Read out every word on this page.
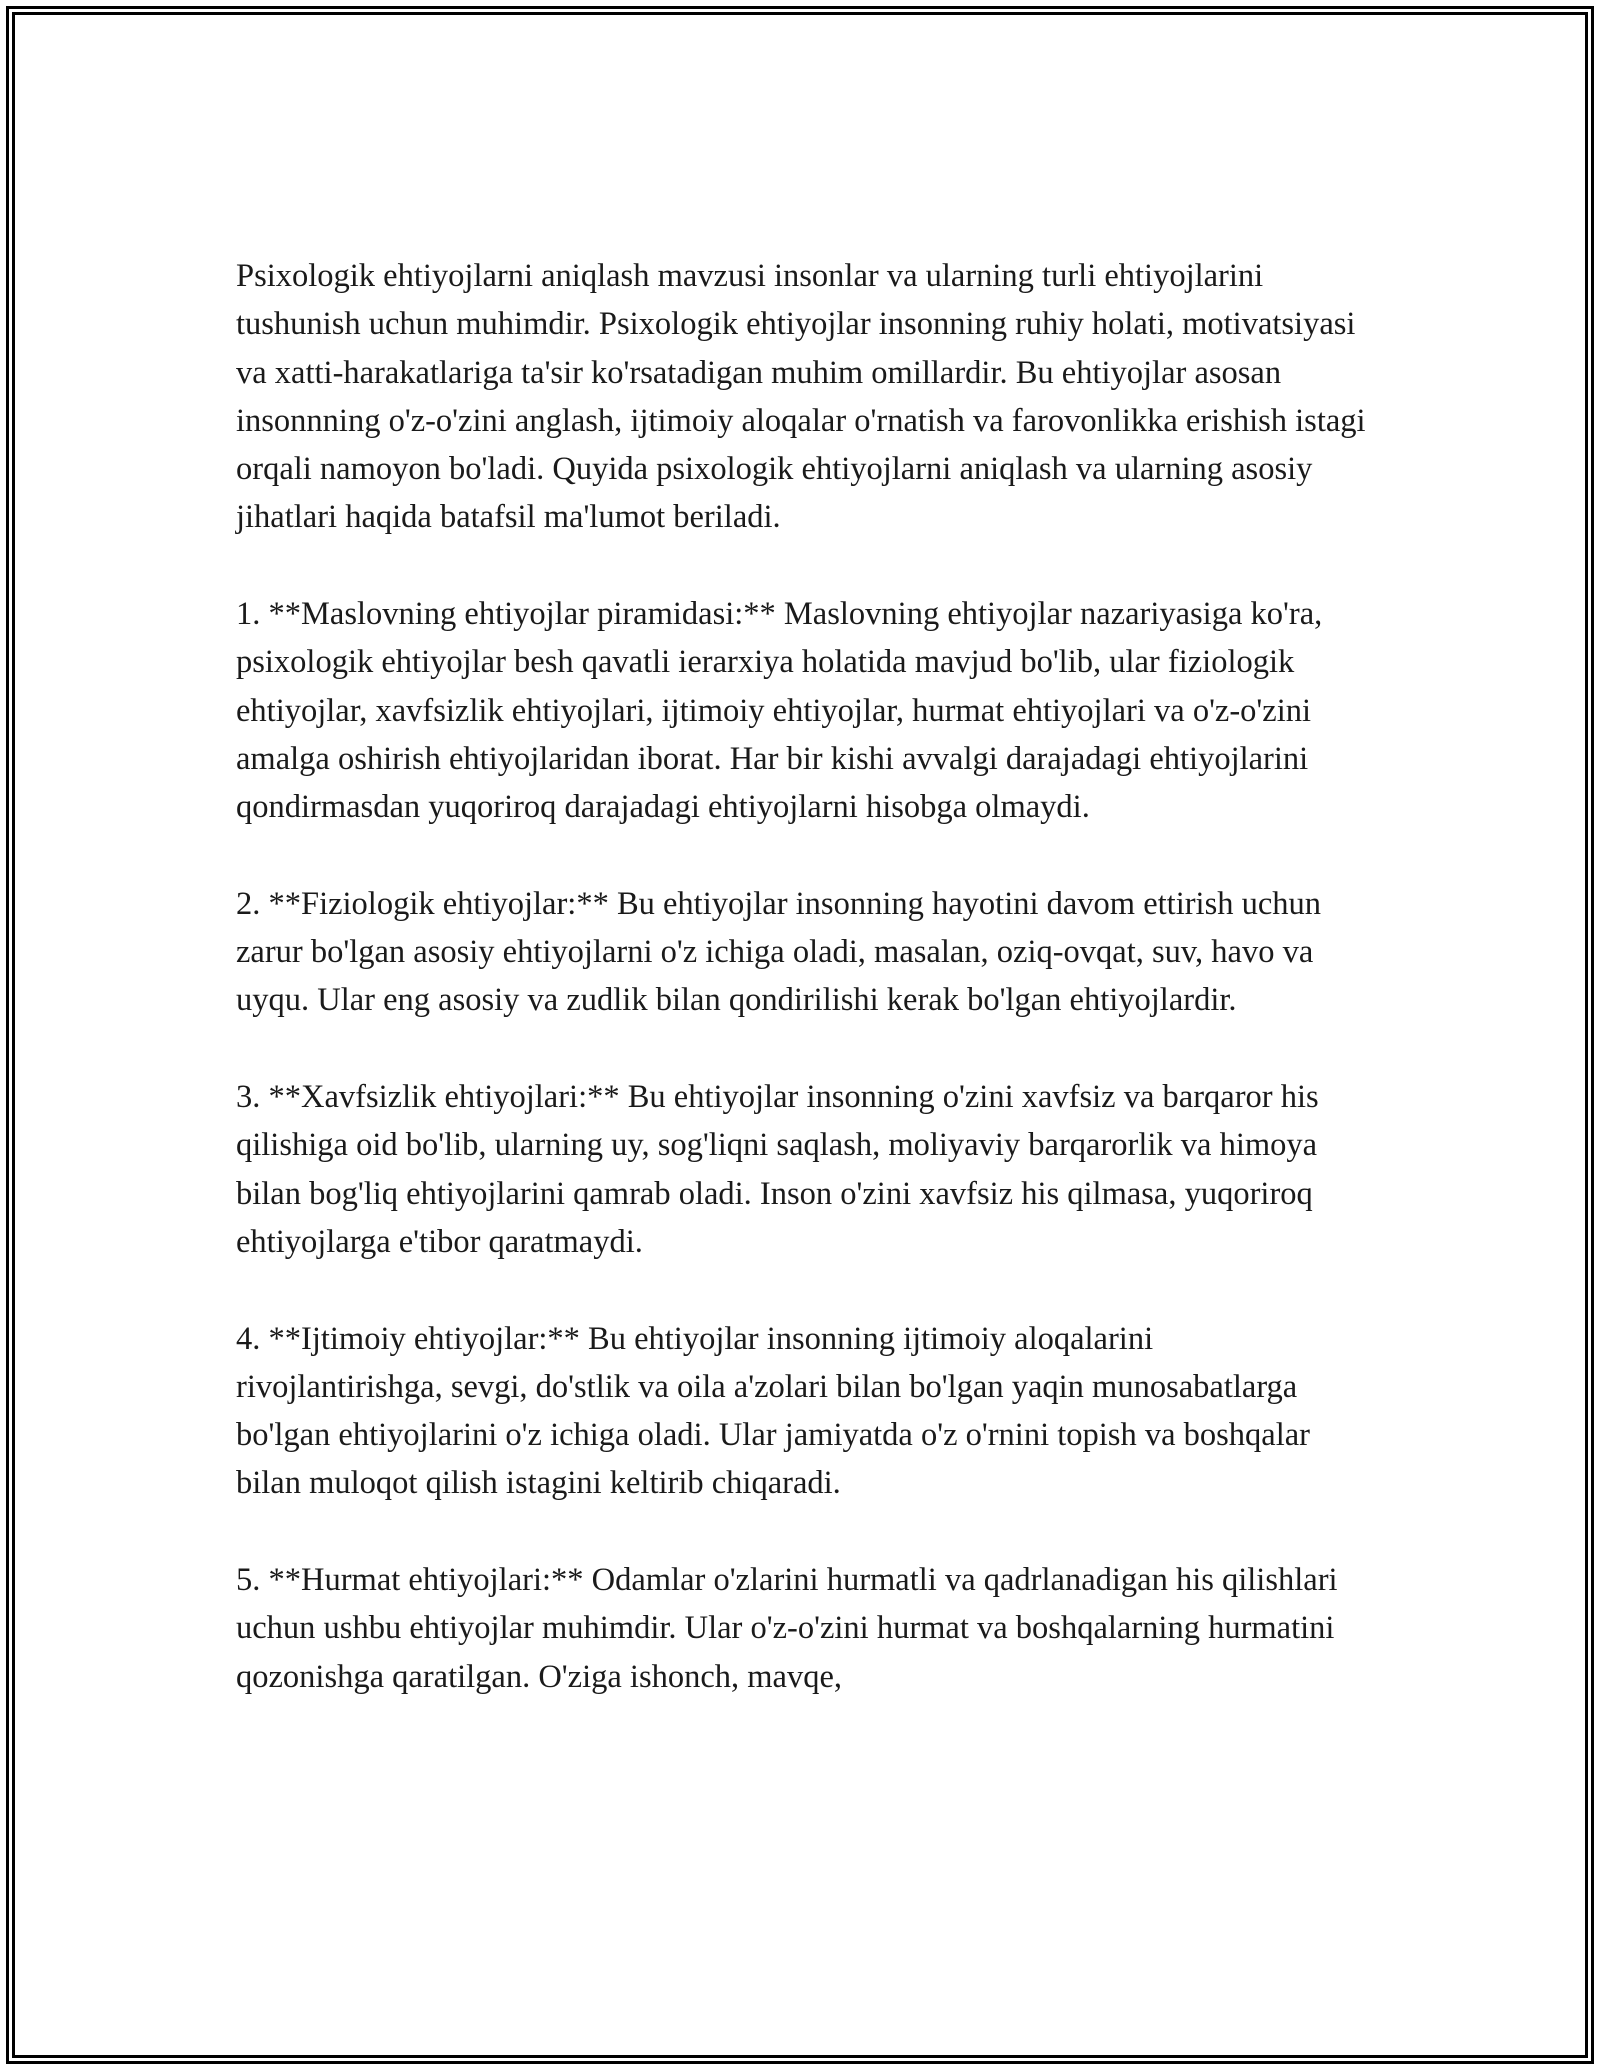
Psixologik ehtiyojlarni aniqlash mavzusi insonlar va ularning turli ehtiyojlarini tushunish uchun muhimdir. Psixologik ehtiyojlar insonning ruhiy holati, motivatsiyasi va xatti-harakatlariga ta'sir ko'rsatadigan muhim omillardir. Bu ehtiyojlar asosan insonnning o'z-o'zini anglash, ijtimoiy aloqalar o'rnatish va farovonlikka erishish istagi orqali namoyon bo'ladi. Quyida psixologik ehtiyojlarni aniqlash va ularning asosiy jihatlari haqida batafsil ma'lumot beriladi.

1. **Maslovning ehtiyojlar piramidasi:** Maslovning ehtiyojlar nazariyasiga ko'ra, psixologik ehtiyojlar besh qavatli ierarxiya holatida mavjud bo'lib, ular fiziologik ehtiyojlar, xavfsizlik ehtiyojlari, ijtimoiy ehtiyojlar, hurmat ehtiyojlari va o'z-o'zini amalga oshirish ehtiyojlaridan iborat. Har bir kishi avvalgi darajadagi ehtiyojlarini qondirmasdan yuqoriroq darajadagi ehtiyojlarni hisobga olmaydi.

2. **Fiziologik ehtiyojlar:** Bu ehtiyojlar insonning hayotini davom ettirish uchun zarur bo'lgan asosiy ehtiyojlarni o'z ichiga oladi, masalan, oziq-ovqat, suv, havo va uyqu. Ular eng asosiy va zudlik bilan qondirilishi kerak bo'lgan ehtiyojlardir.

3. **Xavfsizlik ehtiyojlari:** Bu ehtiyojlar insonning o'zini xavfsiz va barqaror his qilishiga oid bo'lib, ularning uy, sog'liqni saqlash, moliyaviy barqarorlik va himoya bilan bog'liq ehtiyojlarini qamrab oladi. Inson o'zini xavfsiz his qilmasa, yuqoriroq ehtiyojlarga e'tibor qaratmaydi.

4. **Ijtimoiy ehtiyojlar:** Bu ehtiyojlar insonning ijtimoiy aloqalarini rivojlantirishga, sevgi, do'stlik va oila a'zolari bilan bo'lgan yaqin munosabatlarga bo'lgan ehtiyojlarini o'z ichiga oladi. Ular jamiyatda o'z o'rnini topish va boshqalar bilan muloqot qilish istagini keltirib chiqaradi.

5. **Hurmat ehtiyojlari:** Odamlar o'zlarini hurmatli va qadrlanadigan his qilishlari uchun ushbu ehtiyojlar muhimdir. Ular o'z-o'zini hurmat va boshqalarning hurmatini qozonishga qaratilgan. O'ziga ishonch, mavqe,
